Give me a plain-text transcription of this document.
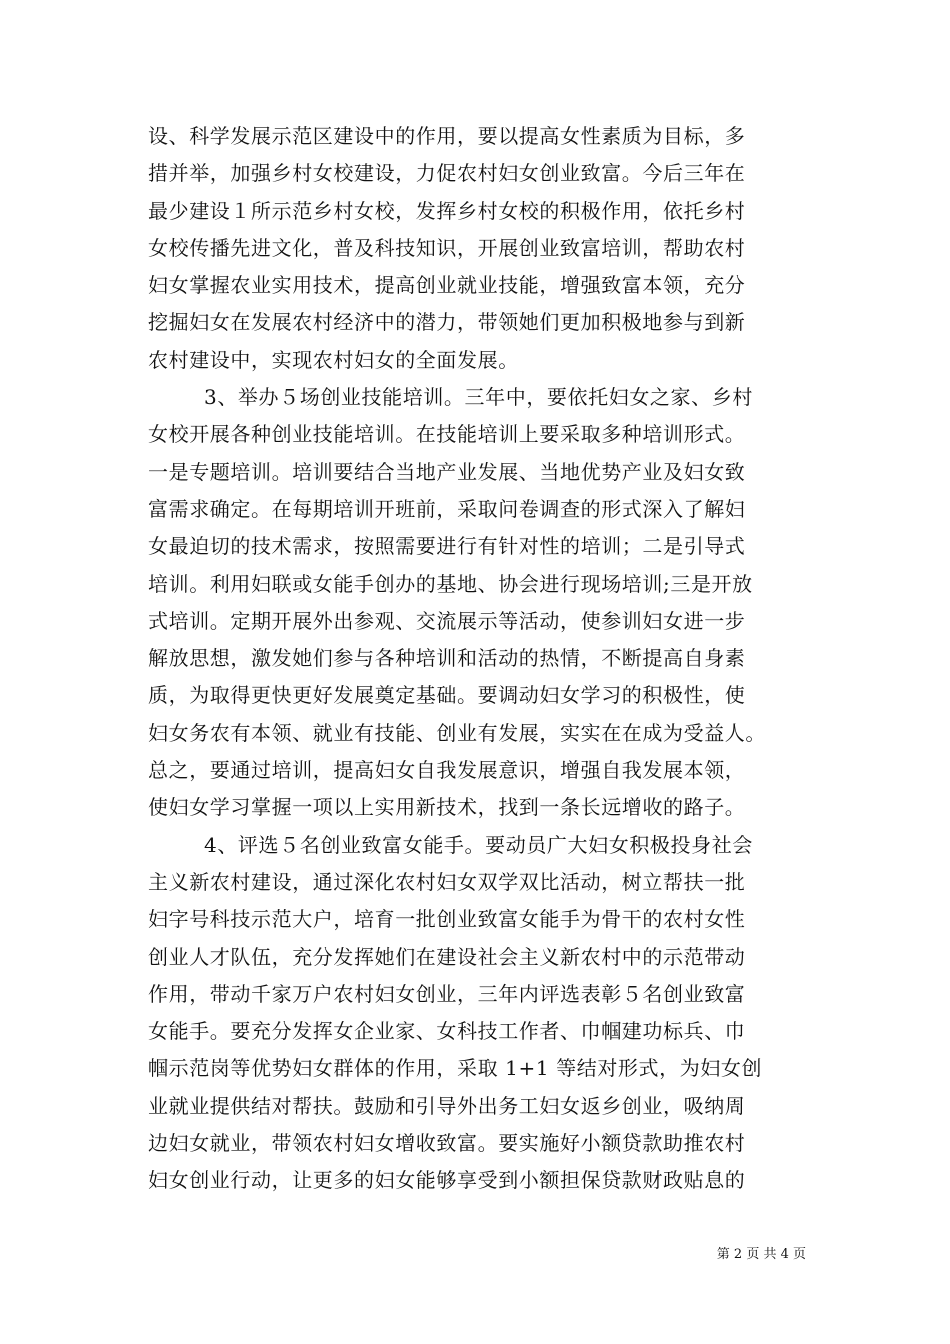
设、科学发展示范区建设中的作用，要以提高女性素质为目标，多
措并举，加强乡村女校建设，力促农村妇女创业致富。今后三年在
最少建设１所示范乡村女校，发挥乡村女校的积极作用，依托乡村
女校传播先进文化，普及科技知识，开展创业致富培训，帮助农村
妇女掌握农业实用技术，提高创业就业技能，增强致富本领，充分
挖掘妇女在发展农村经济中的潜力，带领她们更加积极地参与到新
农村建设中，实现农村妇女的全面发展。
3、举办５场创业技能培训。三年中，要依托妇女之家、乡村
女校开展各种创业技能培训。在技能培训上要采取多种培训形式。
一是专题培训。培训要结合当地产业发展、当地优势产业及妇女致
富需求确定。在每期培训开班前，采取问卷调查的形式深入了解妇
女最迫切的技术需求，按照需要进行有针对性的培训；二是引导式
培训。利用妇联或女能手创办的基地、协会进行现场培训;三是开放
式培训。定期开展外出参观、交流展示等活动，使参训妇女进一步
解放思想，激发她们参与各种培训和活动的热情，不断提高自身素
质，为取得更快更好发展奠定基础。要调动妇女学习的积极性，使
妇女务农有本领、就业有技能、创业有发展，实实在在成为受益人。
总之，要通过培训，提高妇女自我发展意识，增强自我发展本领，
使妇女学习掌握一项以上实用新技术，找到一条长远增收的路子。
4、评选５名创业致富女能手。要动员广大妇女积极投身社会
主义新农村建设，通过深化农村妇女双学双比活动，树立帮扶一批
妇字号科技示范大户，培育一批创业致富女能手为骨干的农村女性
创业人才队伍，充分发挥她们在建设社会主义新农村中的示范带动
作用，带动千家万户农村妇女创业，三年内评选表彰５名创业致富
女能手。要充分发挥女企业家、女科技工作者、巾帼建功标兵、巾
帼示范岗等优势妇女群体的作用，采取 1+1 等结对形式，为妇女创
业就业提供结对帮扶。鼓励和引导外出务工妇女返乡创业，吸纳周
边妇女就业，带领农村妇女增收致富。要实施好小额贷款助推农村
妇女创业行动，让更多的妇女能够享受到小额担保贷款财政贴息的
第 2 页 共 4 页
